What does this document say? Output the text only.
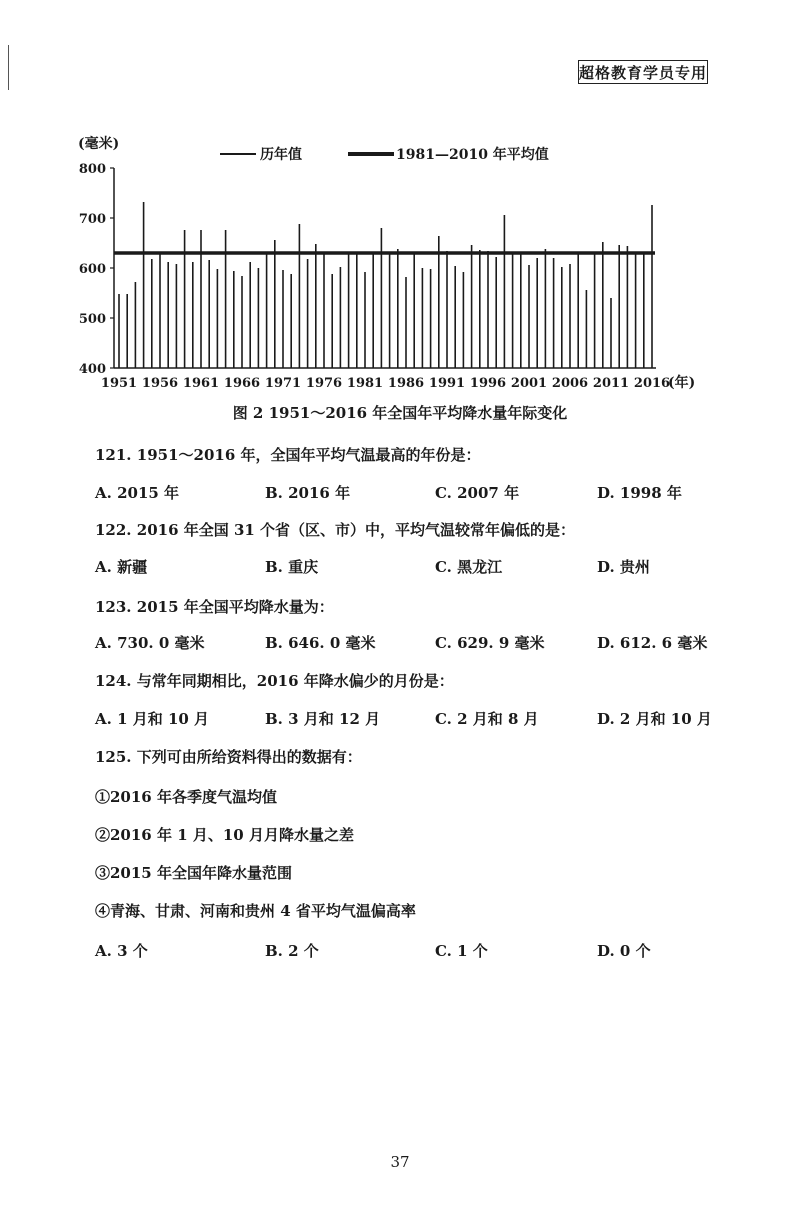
超格教育学员专用
(毫米)
历年值	1981—2010 年平均值
400
500
600
700
800
1951 1956 1961 1966 1971 1976 1981 1986 1991 1996 2001 2006 2011 2016
(年)
图 2 1951～2016 年全国年平均降水量年际变化
121. 1951～2016 年，全国年平均气温最高的年份是：
A. 2015 年	B. 2016 年	C. 2007 年	D. 1998 年
122. 2016 年全国 31 个省（区、市）中，平均气温较常年偏低的是：
A. 新疆	B. 重庆	C. 黑龙江	D. 贵州
123. 2015 年全国平均降水量为：
A. 730. 0 毫米	B. 646. 0 毫米	C. 629. 9 毫米	D. 612. 6 毫米
124. 与常年同期相比，2016 年降水偏少的月份是：
A. 1 月和 10 月	B. 3 月和 12 月	C. 2 月和 8 月	D. 2 月和 10 月
125. 下列可由所给资料得出的数据有：
①2016 年各季度气温均值
②2016 年 1 月、10 月月降水量之差
③2015 年全国年降水量范围
④青海、甘肃、河南和贵州 4 省平均气温偏高率
A. 3 个	B. 2 个	C. 1 个	D. 0 个
37
